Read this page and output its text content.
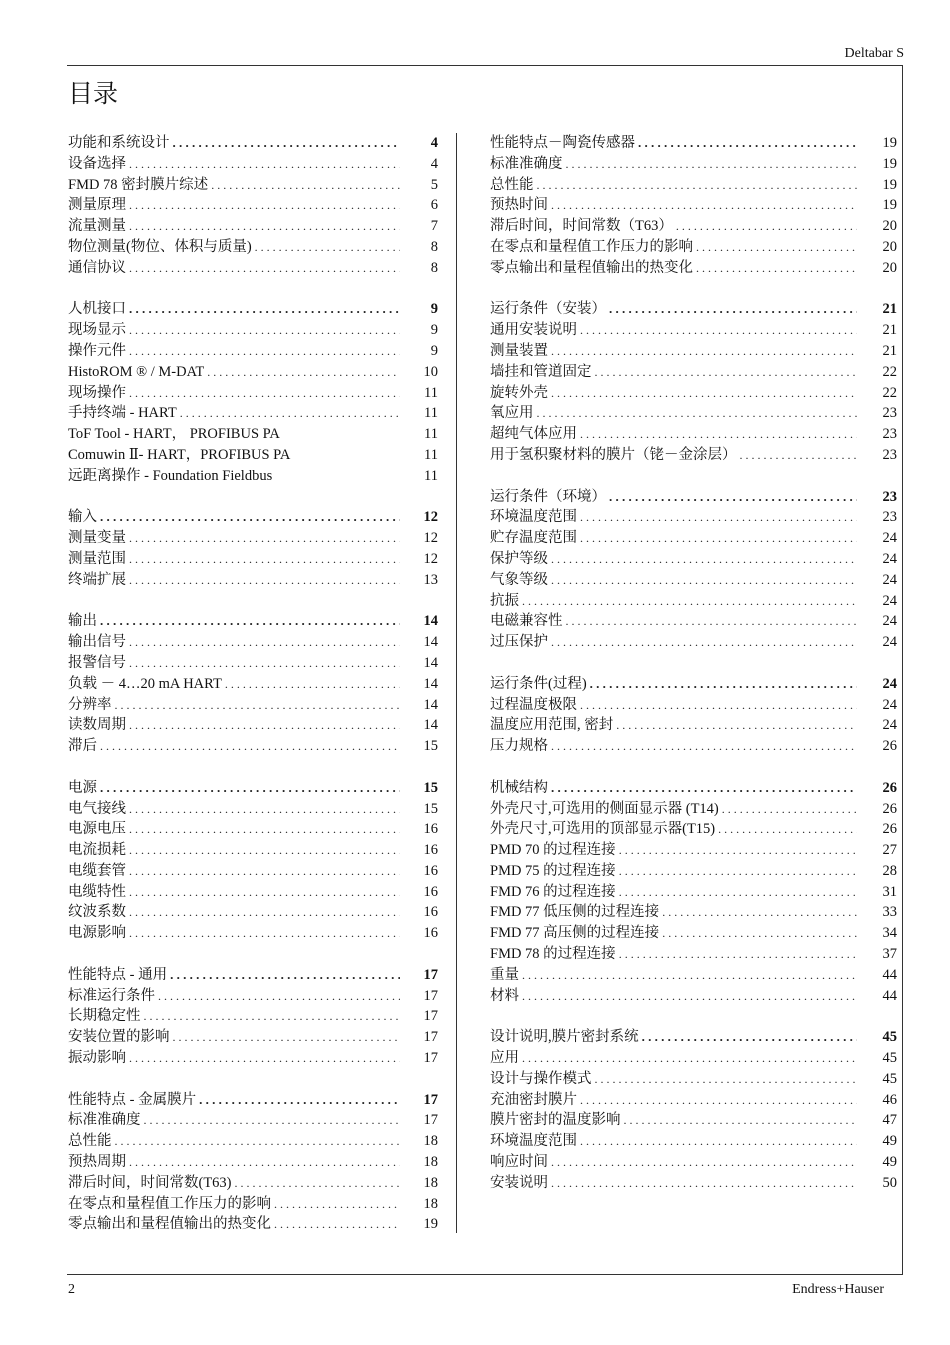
Deltabar S
目录
功能和系统设计 . . .	4
设备选择 . . .	4
FMD 78 密封膜片综述 . . .	5
测量原理 . . .	6
流量测量 . . .	7
物位测量(物位、体积与质量) . . .	8
通信协议 . . .	8
人机接口 . . .	9
现场显示 . . .	9
操作元件 . . .	9
HistoROM ® / M-DAT . . .	10
现场操作 . . .	11
手持终端 - HART . . .	11
ToF Tool - HART， PROFIBUS PA	11
Comuwin Ⅱ- HART，PROFIBUS PA	11
远距离操作 - Foundation Fieldbus	11
输入 . . .	12
测量变量 . . .	12
测量范围 . . .	12
终端扩展 . . .	13
输出 . . .	14
输出信号 . . .	14
报警信号 . . .	14
负载 － 4…20 mA HART . . .	14
分辨率 . . .	14
读数周期 . . .	14
滞后 . . .	15
电源 . . .	15
电气接线 . . .	15
电源电压 . . .	16
电流损耗 . . .	16
电缆套管 . . .	16
电缆特性 . . .	16
纹波系数 . . .	16
电源影响 . . .	16
性能特点 - 通用 . . .	17
标准运行条件 . . .	17
长期稳定性 . . .	17
安装位置的影响 . . .	17
振动影响 . . .	17
性能特点 - 金属膜片 . . .	17
标准准确度 . . .	17
总性能 . . .	18
预热周期 . . .	18
滞后时间，时间常数(T63) . . .	18
在零点和量程值工作压力的影响 . . .	18
零点输出和量程值输出的热变化 . . .	19
性能特点－陶瓷传感器 . . .	19
标准准确度 . . .	19
总性能 . . .	19
预热时间 . . .	19
滞后时间，时间常数（T63） . . .	20
在零点和量程值工作压力的影响 . . .	20
零点输出和量程值输出的热变化 . . .	20
运行条件（安装） . . .	21
通用安装说明 . . .	21
测量装置 . . .	21
墙挂和管道固定 . . .	22
旋转外壳 . . .	22
氧应用 . . .	23
超纯气体应用 . . .	23
用于氢积聚材料的膜片（铑－金涂层） . . .	23
运行条件（环境） . . .	23
环境温度范围 . . .	23
贮存温度范围 . . .	24
保护等级 . . .	24
气象等级 . . .	24
抗振 . . .	24
电磁兼容性 . . .	24
过压保护 . . .	24
运行条件(过程) . . .	24
过程温度极限 . . .	24
温度应用范围, 密封 . . .	24
压力规格 . . .	26
机械结构 . . .	26
外壳尺寸,可选用的侧面显示器 (T14) . . .	26
外壳尺寸,可选用的顶部显示器(T15) . . .	26
PMD 70 的过程连接 . . .	27
PMD 75 的过程连接 . . .	28
FMD 76 的过程连接 . . .	31
FMD 77 低压侧的过程连接 . . .	33
FMD 77 高压侧的过程连接 . . .	34
FMD 78 的过程连接 . . .	37
重量 . . .	44
材料 . . .	44
设计说明,膜片密封系统 . . .	45
应用 . . .	45
设计与操作模式 . . .	45
充油密封膜片 . . .	46
膜片密封的温度影响 . . .	47
环境温度范围 . . .	49
响应时间 . . .	49
安装说明 . . .	50
2	Endress+Hauser
